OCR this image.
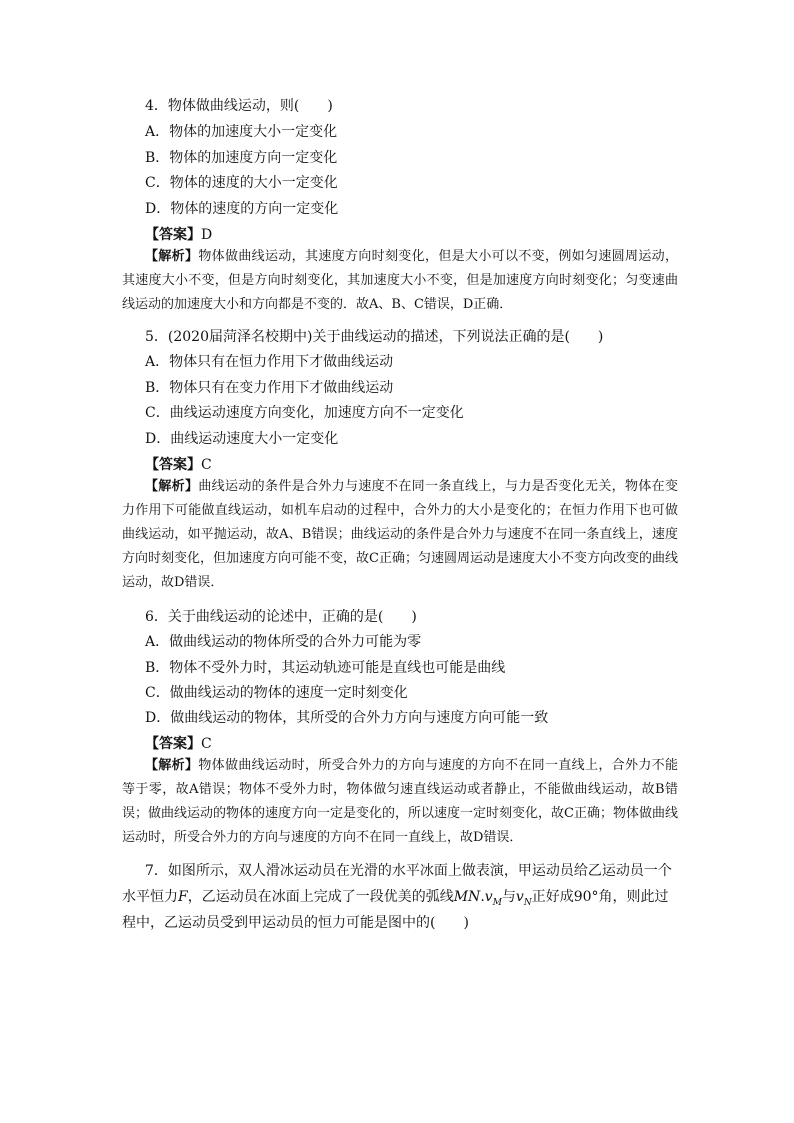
4．物体做曲线运动，则(　　)
A．物体的加速度大小一定变化
B．物体的加速度方向一定变化
C．物体的速度的大小一定变化
D．物体的速度的方向一定变化
【答案】D
【解析】物体做曲线运动，其速度方向时刻变化，但是大小可以不变，例如匀速圆周运动，其速度大小不变，但是方向时刻变化，其加速度大小不变，但是加速度方向时刻变化；匀变速曲线运动的加速度大小和方向都是不变的．故A、B、C错误，D正确．
5．(2020届菏泽名校期中)关于曲线运动的描述，下列说法正确的是(　　)
A．物体只有在恒力作用下才做曲线运动
B．物体只有在变力作用下才做曲线运动
C．曲线运动速度方向变化，加速度方向不一定变化
D．曲线运动速度大小一定变化
【答案】C
【解析】曲线运动的条件是合外力与速度不在同一条直线上，与力是否变化无关，物体在变力作用下可能做直线运动，如机车启动的过程中，合外力的大小是变化的；在恒力作用下也可做曲线运动，如平抛运动，故A、B错误；曲线运动的条件是合外力与速度不在同一条直线上，速度方向时刻变化，但加速度方向可能不变，故C正确；匀速圆周运动是速度大小不变方向改变的曲线运动，故D错误．
6．关于曲线运动的论述中，正确的是(　　)
A．做曲线运动的物体所受的合外力可能为零
B．物体不受外力时，其运动轨迹可能是直线也可能是曲线
C．做曲线运动的物体的速度一定时刻变化
D．做曲线运动的物体，其所受的合外力方向与速度方向可能一致
【答案】C
【解析】物体做曲线运动时，所受合外力的方向与速度的方向不在同一直线上，合外力不能等于零，故A错误；物体不受外力时，物体做匀速直线运动或者静止，不能做曲线运动，故B错误；做曲线运动的物体的速度方向一定是变化的，所以速度一定时刻变化，故C正确；物体做曲线运动时，所受合外力的方向与速度的方向不在同一直线上，故D错误．
7．如图所示，双人滑冰运动员在光滑的水平冰面上做表演，甲运动员给乙运动员一个
水平恒力F，乙运动员在冰面上完成了一段优美的弧线$MN.v_M$与$v_N$正好成90°角，则此过
程中，乙运动员受到甲运动员的恒力可能是图中的(　　)
